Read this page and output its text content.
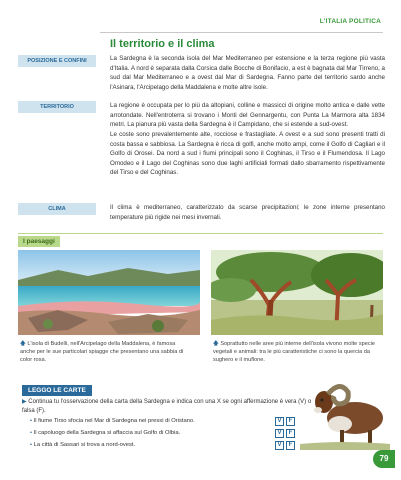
L'ITALIA POLITICA
Il territorio e il clima
POSIZIONE E CONFINI
TERRITORIO
CLIMA
La Sardegna è la seconda isola del Mar Mediterraneo per estensione e la terza regione più vasta d'Italia. A nord è separata dalla Corsica dalle Bocche di Bonifacio, a est è bagnata dal Mar Tirreno, a sud dal Mar Mediterraneo e a ovest dal Mar di Sardegna. Fanno parte del territorio sardo anche l'Asinara, l'Arcipelago della Maddalena e molte altre isole.
La regione è occupata per lo più da altopiani, colline e massicci di origine molto antica e dalle vette arrotondate. Nell'entroterra si trovano i Monti del Gennargentu, con Punta La Marmora alta 1834 metri. La pianura più vasta della Sardegna è il Campidano, che si estende a sud-ovest.
Le coste sono prevalentemente alte, rocciose e frastagliate. A ovest e a sud sono presenti tratti di costa bassa e sabbiosa. La Sardegna è ricca di golfi, anche molto ampi, come il Golfo di Cagliari e il Golfo di Orosei. Da nord a sud i fiumi principali sono il Coghinas, il Tirso e il Flumendosa. Il Lago Omodeo e il Lago del Coghinas sono due laghi artificiali formati dallo sbarramento rispettivamente del Tirso e del Coghinas.
Il clima è mediterraneo, caratterizzato da scarse precipitazioni; le zone interne presentano temperature più rigide nei mesi invernali.
I paesaggi
🡅 L'isola di Budelli, nell'Arcipelago della Maddalena, è famosa anche per le sue particolari spiagge che presentano una sabbia di color rosa.
🡅 Soprattutto nelle aree più interne dell'isola vivono molte specie vegetali e animali: tra le più caratteristiche ci sono la quercia da sughero e il muflone.
LEGGO LE CARTE
▶ Continua tu l'osservazione della carta della Sardegna e indica con una X se ogni affermazione è vera (V) o falsa (F).
• Il fiume Tirso sfocia nel Mar di Sardegna nei pressi di Oristano.	V	F
• Il capoluogo della Sardegna si affaccia sul Golfo di Olbia.	V	F
• La città di Sassari si trova a nord-ovest.	V	F
79
